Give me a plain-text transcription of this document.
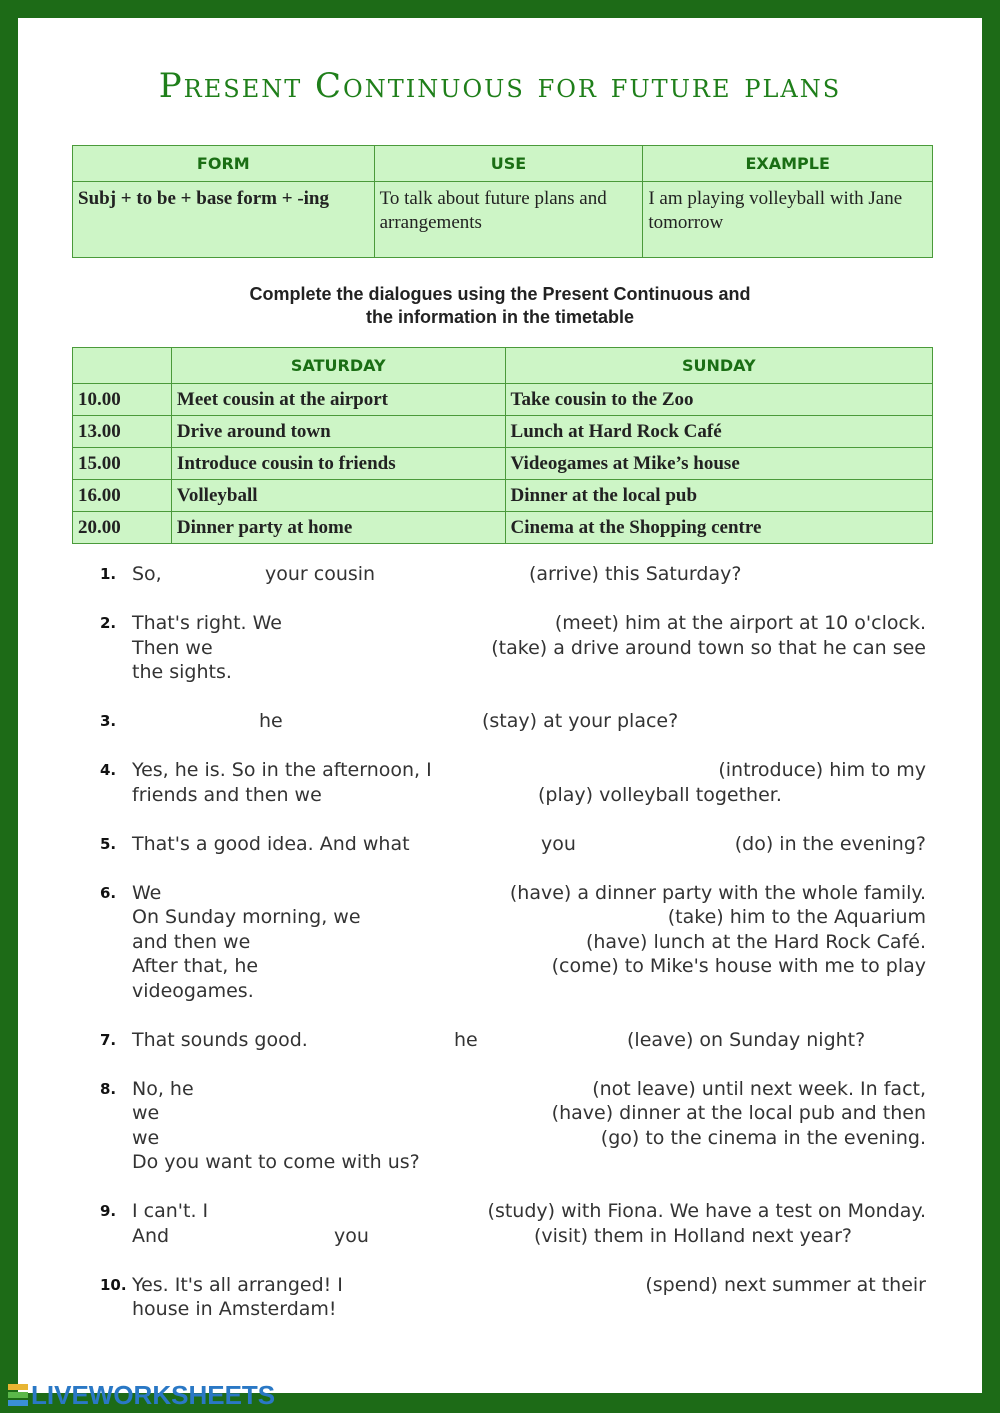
Present Continuous for future plans
FORM	USE	EXAMPLE
Subj + to be + base form + -ing	To talk about future plans and arrangements	I am playing volleyball with Jane tomorrow
Complete the dialogues using the Present Continuous and
the information in the timetable
	SATURDAY	SUNDAY
10.00	Meet cousin at the airport	Take cousin to the Zoo
13.00	Drive around town	Lunch at Hard Rock Café
15.00	Introduce cousin to friends	Videogames at Mike’s house
16.00	Volleyball	Dinner at the local pub
20.00	Dinner party at home	Cinema at the Shopping centre
1. So,	your cousin	(arrive) this Saturday?
2. That's right. We	(meet) him at the airport at 10 o'clock.
Then we	(take) a drive around town so that he can see
the sights.
3.	he	(stay) at your place?
4. Yes, he is. So in the afternoon, I	(introduce) him to my
friends and then we	(play) volleyball together.
5. That's a good idea. And what	you	(do) in the evening?
6. We	(have) a dinner party with the whole family.
On Sunday morning, we	(take) him to the Aquarium
and then we	(have) lunch at the Hard Rock Café.
After that, he	(come) to Mike's house with me to play
videogames.
7. That sounds good.	he	(leave) on Sunday night?
8. No, he	(not leave) until next week. In fact,
we	(have) dinner at the local pub and then
we	(go) to the cinema in the evening.
Do you want to come with us?
9. I can't. I	(study) with Fiona. We have a test on Monday.
And	you	(visit) them in Holland next year?
10. Yes. It's all arranged! I	(spend) next summer at their
house in Amsterdam!
LIVEWORKSHEETS
